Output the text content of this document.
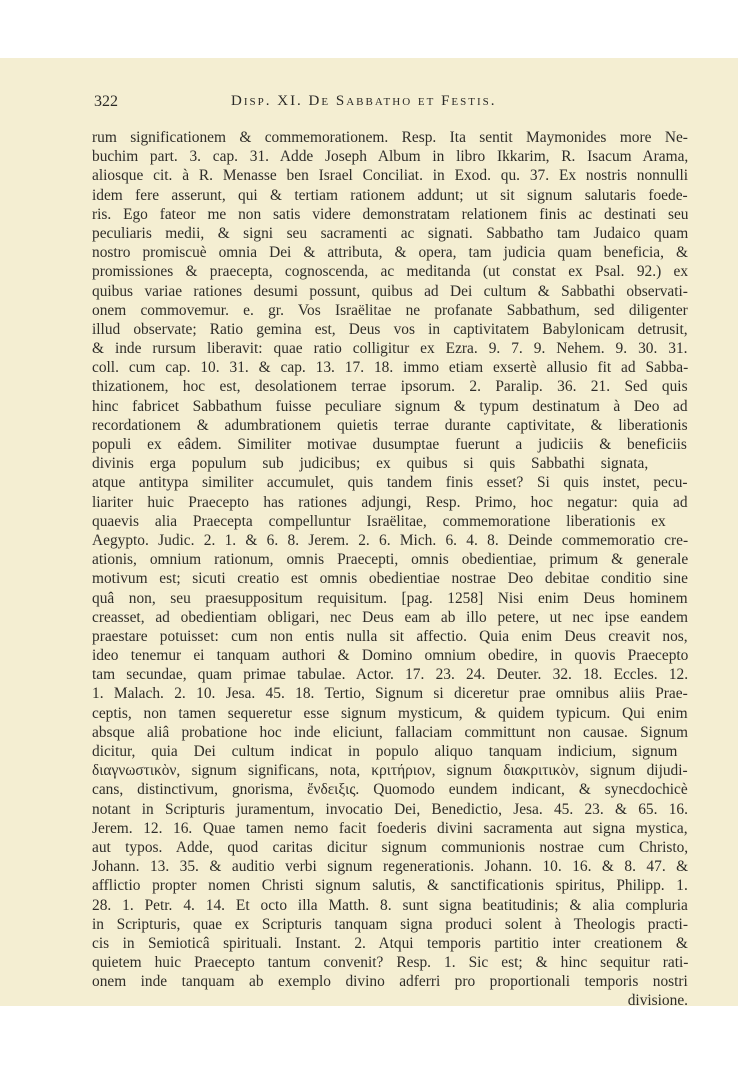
322	Disp. XI. De Sabbatho et Festis.
rum significationem & commemorationem. Resp. Ita sentit Maymonides more Ne-
buchim part. 3. cap. 31. Adde Joseph Album in libro Ikkarim, R. Isacum Arama,
aliosque cit. à R. Menasse ben Israel Conciliat. in Exod. qu. 37. Ex nostris nonnulli
idem fere asserunt, qui & tertiam rationem addunt; ut sit signum salutaris foede-
ris. Ego fateor me non satis videre demonstratam relationem finis ac destinati seu
peculiaris medii, & signi seu sacramenti ac signati. Sabbatho tam Judaico quam
nostro promiscuè omnia Dei & attributa, & opera, tam judicia quam beneficia, &
promissiones & praecepta, cognoscenda, ac meditanda (ut constat ex Psal. 92.) ex
quibus variae rationes desumi possunt, quibus ad Dei cultum & Sabbathi observati-
onem commovemur. e. gr. Vos Israëlitae ne profanate Sabbathum, sed diligenter
illud observate; Ratio gemina est, Deus vos in captivitatem Babylonicam detrusit,
& inde rursum liberavit: quae ratio colligitur ex Ezra. 9. 7. 9. Nehem. 9. 30. 31.
coll. cum cap. 10. 31. & cap. 13. 17. 18. immo etiam exsertè allusio fit ad Sabba-
thizationem, hoc est, desolationem terrae ipsorum. 2. Paralip. 36. 21. Sed quis
hinc fabricet Sabbathum fuisse peculiare signum & typum destinatum à Deo ad
recordationem & adumbrationem quietis terrae durante captivitate, & liberationis
populi ex eâdem. Similiter motivae dusumptae fuerunt a judiciis & beneficiis
divinis erga populum sub judicibus; ex quibus si quis Sabbathi signata,
atque antitypa similiter accumulet, quis tandem finis esset? Si quis instet, pecu-
liariter huic Praecepto has rationes adjungi, Resp. Primo, hoc negatur: quia ad
quaevis alia Praecepta compelluntur Israëlitae, commemoratione liberationis ex
Aegypto. Judic. 2. 1. & 6. 8. Jerem. 2. 6. Mich. 6. 4. 8. Deinde commemoratio cre-
ationis, omnium rationum, omnis Praecepti, omnis obedientiae, primum & generale
motivum est; sicuti creatio est omnis obedientiae nostrae Deo debitae conditio sine
quâ non, seu praesuppositum requisitum. [pag. 1258] Nisi enim Deus hominem
creasset, ad obedientiam obligari, nec Deus eam ab illo petere, ut nec ipse eandem
praestare potuisset: cum non entis nulla sit affectio. Quia enim Deus creavit nos,
ideo tenemur ei tanquam authori & Domino omnium obedire, in quovis Praecepto
tam secundae, quam primae tabulae. Actor. 17. 23. 24. Deuter. 32. 18. Eccles. 12.
1. Malach. 2. 10. Jesa. 45. 18. Tertio, Signum si diceretur prae omnibus aliis Prae-
ceptis, non tamen sequeretur esse signum mysticum, & quidem typicum. Qui enim
absque aliâ probatione hoc inde eliciunt, fallaciam committunt non causae. Signum
dicitur, quia Dei cultum indicat in populo aliquo tanquam indicium, signum
διαγνωστικὸν, signum significans, nota, κριτήριον, signum διακριτικὸν, signum dijudi-
cans, distinctivum, gnorisma, ἔνδειξις. Quomodo eundem indicant, & synecdochicè
notant in Scripturis juramentum, invocatio Dei, Benedictio, Jesa. 45. 23. & 65. 16.
Jerem. 12. 16. Quae tamen nemo facit foederis divini sacramenta aut signa mystica,
aut typos. Adde, quod caritas dicitur signum communionis nostrae cum Christo,
Johann. 13. 35. & auditio verbi signum regenerationis. Johann. 10. 16. & 8. 47. &
afflictio propter nomen Christi signum salutis, & sanctificationis spiritus, Philipp. 1.
28. 1. Petr. 4. 14. Et octo illa Matth. 8. sunt signa beatitudinis; & alia compluria
in Scripturis, quae ex Scripturis tanquam signa produci solent à Theologis practi-
cis in Semioticâ spirituali. Instant. 2. Atqui temporis partitio inter creationem &
quietem huic Praecepto tantum convenit? Resp. 1. Sic est; & hinc sequitur rati-
onem inde tanquam ab exemplo divino adferri pro proportionali temporis nostri
divisione.
